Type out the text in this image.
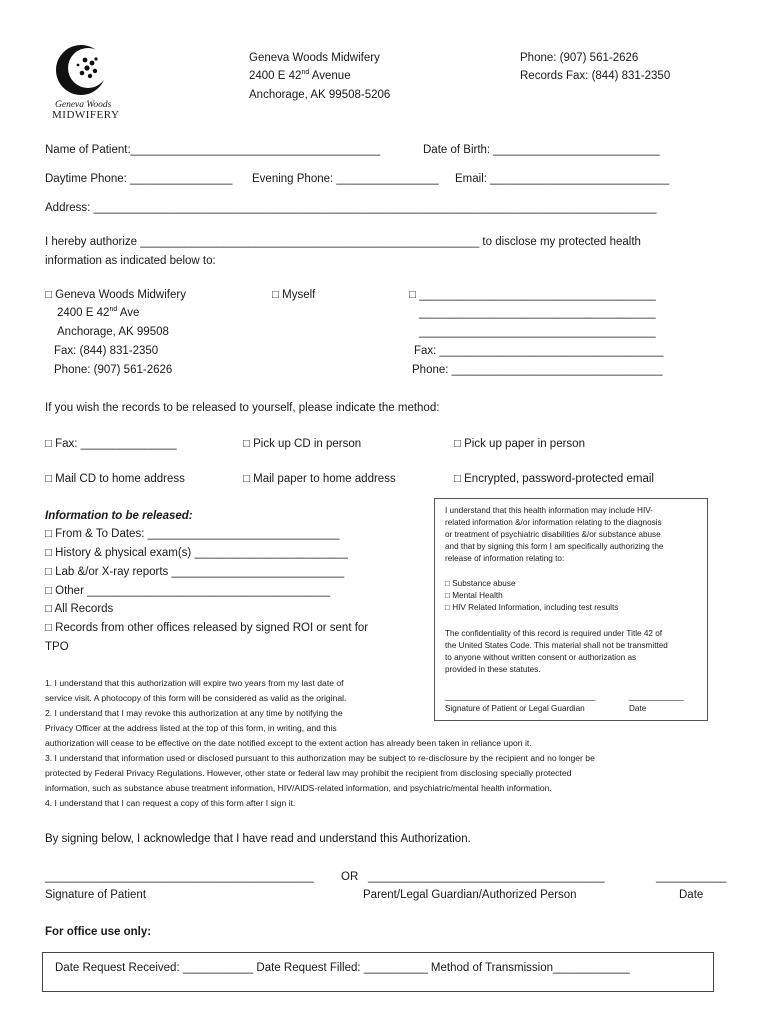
Geneva Woods
MIDWIFERY
Geneva Woods Midwifery
2400 E 42nd Avenue
Anchorage, AK 99508-5206
Phone: (907) 561-2626
Records Fax: (844) 831-2350
Name of Patient:_______________________________________	Date of Birth: __________________________
Daytime Phone: ________________ Evening Phone: ________________ Email: ____________________________
Address: ________________________________________________________________________________________
I hereby authorize _____________________________________________________ to disclose my protected health
information as indicated below to:
□ Geneva Woods Midwifery
2400 E 42nd Ave
Anchorage, AK 99508
Fax: (844) 831-2350
Phone: (907) 561-2626
□ Myself	□ _____________________________________
_____________________________________
_____________________________________
Fax: ___________________________________
Phone: _________________________________
If you wish the records to be released to yourself, please indicate the method:
□ Fax: _______________	□ Pick up CD in person	□ Pick up paper in person
□ Mail CD to home address	□ Mail paper to home address	□ Encrypted, password-protected email
Information to be released:
□ From & To Dates: ______________________________
□ History & physical exam(s) ________________________
□ Lab &/or X-ray reports ___________________________
□ Other ______________________________________
□ All Records
□ Records from other offices released by signed ROI or sent for
TPO
I understand that this health information may include HIV-
related information &/or information relating to the diagnosis
or treatment of psychiatric disabilities &/or substance abuse
and that by signing this form I am specifically authorizing the
release of information relating to:
□ Substance abuse
□ Mental Health
□ HIV Related Information, including test results
The confidentiality of this record is required under Title 42 of
the United States Code. This material shall not be transmitted
to anyone without written consent or authorization as
provided in these statutes.
_________________________________	____________
Signature of Patient or Legal Guardian	Date
1. I understand that this authorization will expire two years from my last date of
service visit. A photocopy of this form will be considered as valid as the original.
2. I understand that I may revoke this authorization at any time by notifying the
Privacy Officer at the address listed at the top of this form, in writing, and this
authorization will cease to be effective on the date notified except to the extent action has already been taken in reliance upon it.
3. I understand that information used or disclosed pursuant to this authorization may be subject to re-disclosure by the recipient and no longer be
protected by Federal Privacy Regulations. However, other state or federal law may prohibit the recipient from disclosing specially protected
information, such as substance abuse treatment information, HIV/AIDS-related information, and psychiatric/mental health information.
4. I understand that I can request a copy of this form after I sign it.
By signing below, I acknowledge that I have read and understand this Authorization.
__________________________________________ OR _____________________________________	___________
Signature of Patient	Parent/Legal Guardian/Authorized Person	Date
For office use only:
Date Request Received: ___________ Date Request Filled: __________ Method of Transmission____________
